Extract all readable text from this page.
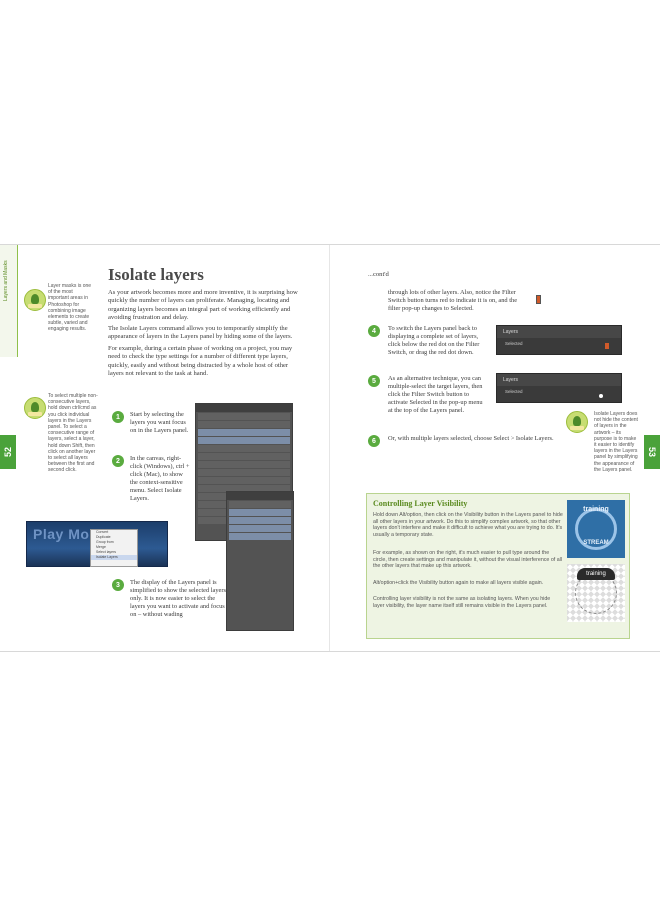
Layers and Masks
52	53
Layer masks is one of the most important areas in Photoshop for combining image elements to create subtle, varied and engaging results.
To select multiple non-consecutive layers, hold down ctrl/cmd as you click individual layers in the Layers panel. To select a consecutive range of layers, select a layer, hold down Shift, then click on another layer to select all layers between the first and second click.
Isolate layers
As your artwork becomes more and more inventive, it is surprising how quickly the number of layers can proliferate. Managing, locating and organizing layers becomes an integral part of working efficiently and avoiding frustration and delay.
The Isolate Layers command allows you to temporarily simplify the appearance of layers in the Layers panel by hiding some of the layers.
For example, during a certain phase of working on a project, you may need to check the type settings for a number of different type layers, quickly, easily and without being distracted by a whole host of other layers not relevant to the task at hand.
1	Start by selecting the layers you want focus on in the Layers panel.
2	In the canvas, right-click (Windows), ctrl + click (Mac), to show the context-sensitive menu. Select Isolate Layers.
3	The display of the Layers panel is simplified to show the selected layers only. It is now easier to select the layers you want to activate and focus on – without wading
Play Mo	Convert
Duplicate
Group from
Merge
Select layers
Isolate Layers
...cont'd
through lots of other layers. Also, notice the Filter Switch button turns red to indicate it is on, and the filter pop-up changes to Selected.
4	To switch the Layers panel back to displaying a complete set of layers, click below the red dot on the Filter Switch, or drag the red dot down.
Layers
Selected
5	As an alternative technique, you can multiple-select the target layers, then click the Filter Switch button to activate Selected in the pop-up menu at the top of the Layers panel.
Layers
Selected
6	Or, with multiple layers selected, choose Select > Isolate Layers.
Isolate Layers does not hide the content of layers in the artwork – its purpose is to make it easier to identify layers in the Layers panel by simplifying the appearance of the Layers panel.
Controlling Layer Visibility

Hold down Alt/option, then click on the Visibility button in the Layers panel to hide all other layers in your artwork. Do this to simplify complex artwork, so that other layers don't interfere and make it difficult to achieve what you are trying to do. It's usually a temporary state.

For example, as shown on the right, it's much easier to pull type around the circle, then create settings and manipulate it, without the visual interference of all the other layers that make up this artwork.

Alt/option+click the Visibility button again to make all layers visible again.

Controlling layer visibility is not the same as isolating layers. When you hide layer visibility, the layer name itself still remains visible in the Layers panel.

training
STREAM
training
